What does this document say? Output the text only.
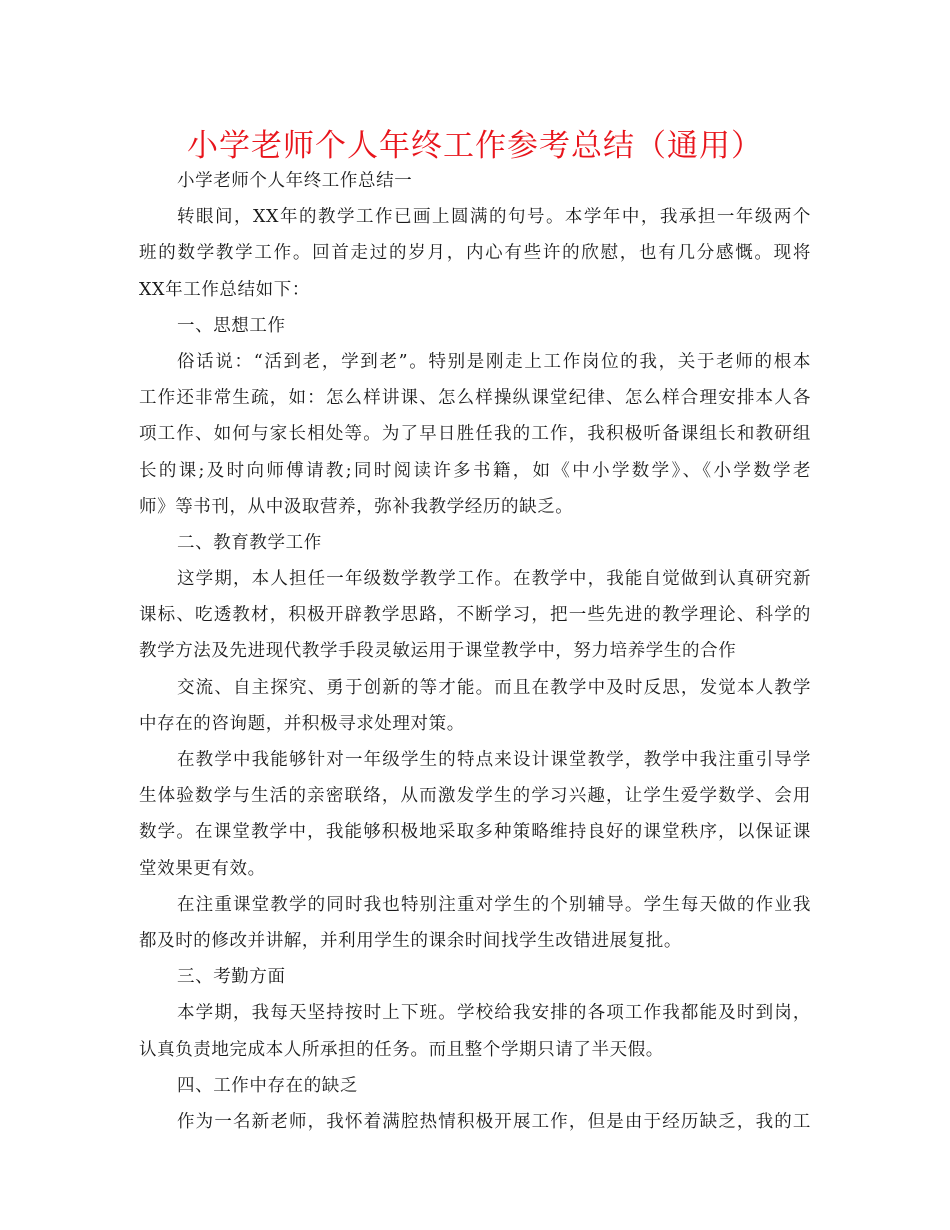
小学老师个人年终工作参考总结（通用）
小学老师个人年终工作总结一
转眼间，XX年的教学工作已画上圆满的句号。本学年中，我承担一年级两个
班的数学教学工作。回首走过的岁月，内心有些许的欣慰，也有几分感慨。现将
XX年工作总结如下：
一、思想工作
俗话说：“活到老，学到老”。特别是刚走上工作岗位的我，关于老师的根本
工作还非常生疏，如：怎么样讲课、怎么样操纵课堂纪律、怎么样合理安排本人各
项工作、如何与家长相处等。为了早日胜任我的工作，我积极听备课组长和教研组
长的课;及时向师傅请教;同时阅读许多书籍，如《中小学数学》、《小学数学老
师》等书刊，从中汲取营养，弥补我教学经历的缺乏。
二、教育教学工作
这学期，本人担任一年级数学教学工作。在教学中，我能自觉做到认真研究新
课标、吃透教材，积极开辟教学思路，不断学习，把一些先进的教学理论、科学的
教学方法及先进现代教学手段灵敏运用于课堂教学中，努力培养学生的合作
交流、自主探究、勇于创新的等才能。而且在教学中及时反思，发觉本人教学
中存在的咨询题，并积极寻求处理对策。
在教学中我能够针对一年级学生的特点来设计课堂教学，教学中我注重引导学
生体验数学与生活的亲密联络，从而激发学生的学习兴趣，让学生爱学数学、会用
数学。在课堂教学中，我能够积极地采取多种策略维持良好的课堂秩序，以保证课
堂效果更有效。
在注重课堂教学的同时我也特别注重对学生的个别辅导。学生每天做的作业我
都及时的修改并讲解，并利用学生的课余时间找学生改错进展复批。
三、考勤方面
本学期，我每天坚持按时上下班。学校给我安排的各项工作我都能及时到岗，
认真负责地完成本人所承担的任务。而且整个学期只请了半天假。
四、工作中存在的缺乏
作为一名新老师，我怀着满腔热情积极开展工作，但是由于经历缺乏，我的工
